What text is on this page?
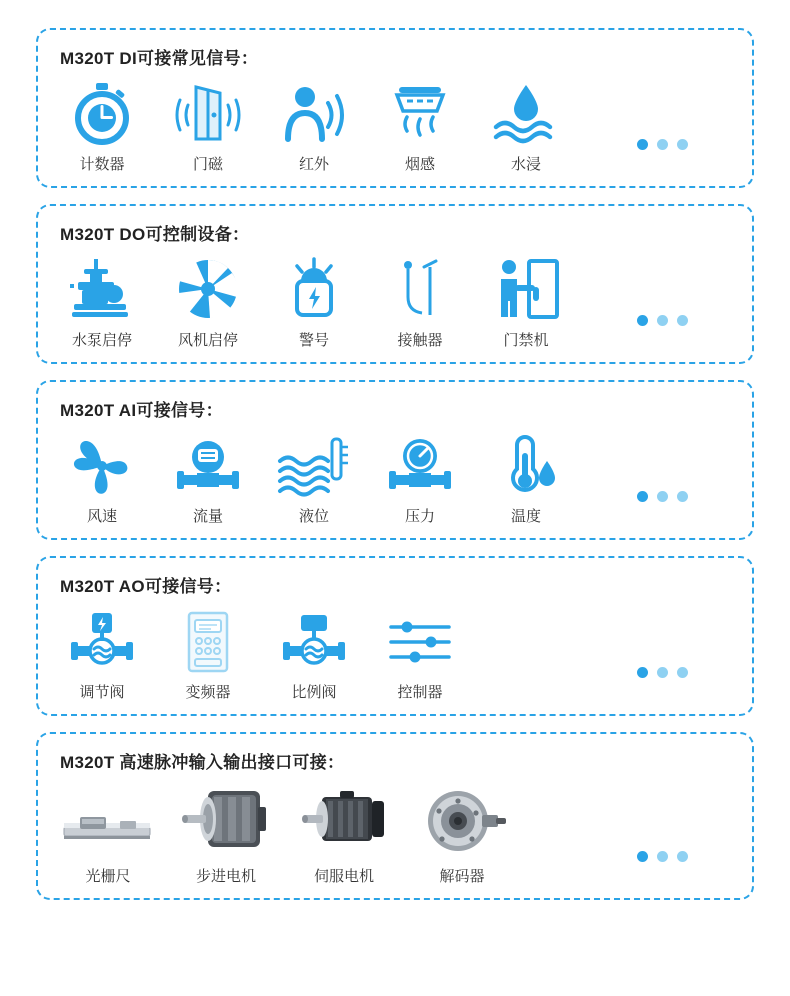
M320T DI可接常见信号：
计数器	门磁	红外	烟感	水浸
M320T DO可控制设备：
水泵启停	风机启停	警号	接触器	门禁机
M320T AI可接信号：
风速	流量	液位	压力	温度
M320T AO可接信号：
调节阀	变频器	比例阀	控制器
M320T 高速脉冲输入输出接口可接：
光栅尺	步进电机	伺服电机	解码器
